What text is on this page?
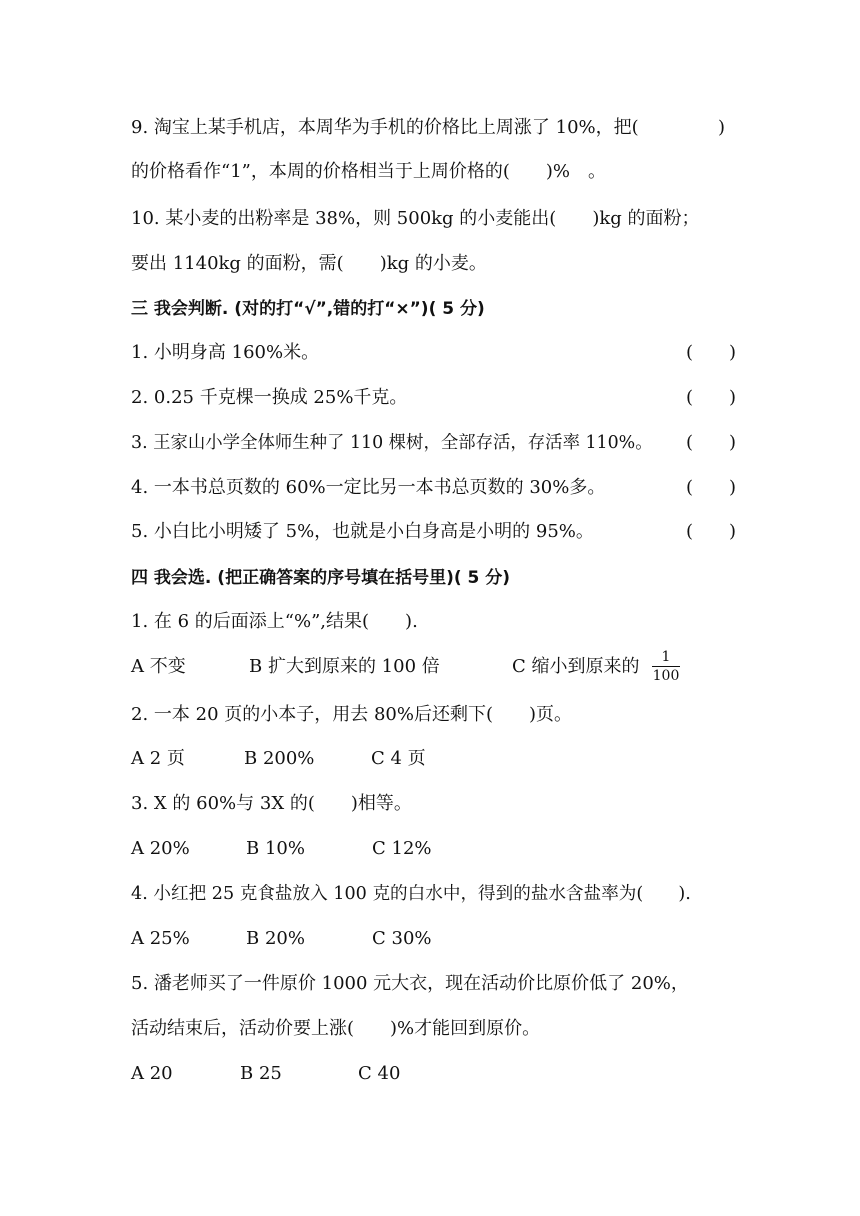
9. 淘宝上某手机店，本周华为手机的价格比上周涨了 10%，把(	)
的价格看作“1”，本周的价格相当于上周价格的(　　)%　。
10. 某小麦的出粉率是 38%，则 500kg 的小麦能出(　　)kg 的面粉；
要出 1140kg 的面粉，需(　　)kg 的小麦。
三 我会判断. (对的打“√”,错的打“×”)( 5 分)
1. 小明身高 160%米。	(　　)
2. 0.25 千克棵一换成 25%千克。	(　　)
3. 王家山小学全体师生种了 110 棵树，全部存活，存活率 110%。 (　　)
4. 一本书总页数的 60%一定比另一本书总页数的 30%多。	(　　)
5. 小白比小明矮了 5%，也就是小白身高是小明的 95%。	(　　)
四 我会选. (把正确答案的序号填在括号里)( 5 分)
1. 在 6 的后面添上“%”,结果(　　).
A 不变	B 扩大到原来的 100 倍	C 缩小到原来的 1
100
2. 一本 20 页的小本子，用去 80%后还剩下(　　)页。
A 2 页	B 200%	C 4 页
3. X 的 60%与 3X 的(　　)相等。
A 20%	B 10%	C 12%
4. 小红把 25 克食盐放入 100 克的白水中，得到的盐水含盐率为(　　).
A 25%	B 20%	C 30%
5. 潘老师买了一件原价 1000 元大衣，现在活动价比原价低了 20%，
活动结束后，活动价要上涨(　　)%才能回到原价。
A 20	B 25	C 40
